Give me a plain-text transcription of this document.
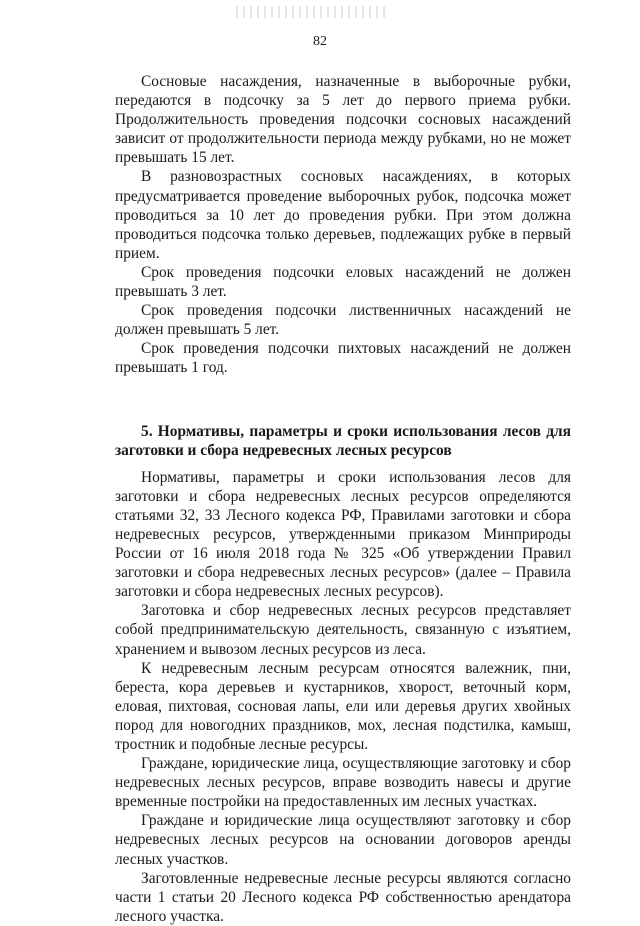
82

Сосновые насаждения, назначенные в выборочные рубки, передаются в подсочку за 5 лет до первого приема рубки. Продолжительность проведения подсочки сосновых насаждений зависит от продолжительности периода между рубками, но не может превышать 15 лет.

В разновозрастных сосновых насаждениях, в которых предусматривается проведение выборочных рубок, подсочка может проводиться за 10 лет до проведения рубки. При этом должна проводиться подсочка только деревьев, подлежащих рубке в первый прием.

Срок проведения подсочки еловых насаждений не должен превышать 3 лет.

Срок проведения подсочки лиственничных насаждений не должен превышать 5 лет.

Срок проведения подсочки пихтовых насаждений не должен превышать 1 год.

5. Нормативы, параметры и сроки использования лесов для заготовки и сбора недревесных лесных ресурсов

Нормативы, параметры и сроки использования лесов для заготовки и сбора недревесных лесных ресурсов определяются статьями 32, 33 Лесного кодекса РФ, Правилами заготовки и сбора недревесных ресурсов, утвержденными приказом Минприроды России от 16 июля 2018 года № 325 «Об утверждении Правил заготовки и сбора недревесных лесных ресурсов» (далее – Правила заготовки и сбора недревесных лесных ресурсов).

Заготовка и сбор недревесных лесных ресурсов представляет собой предпринимательскую деятельность, связанную с изъятием, хранением и вывозом лесных ресурсов из леса.

К недревесным лесным ресурсам относятся валежник, пни, береста, кора деревьев и кустарников, хворост, веточный корм, еловая, пихтовая, сосновая лапы, ели или деревья других хвойных пород для новогодних праздников, мох, лесная подстилка, камыш, тростник и подобные лесные ресурсы.

Граждане, юридические лица, осуществляющие заготовку и сбор недревесных лесных ресурсов, вправе возводить навесы и другие временные постройки на предоставленных им лесных участках.

Граждане и юридические лица осуществляют заготовку и сбор недревесных лесных ресурсов на основании договоров аренды лесных участков.

Заготовленные недревесные лесные ресурсы являются согласно части 1 статьи 20 Лесного кодекса РФ собственностью арендатора лесного участка.
